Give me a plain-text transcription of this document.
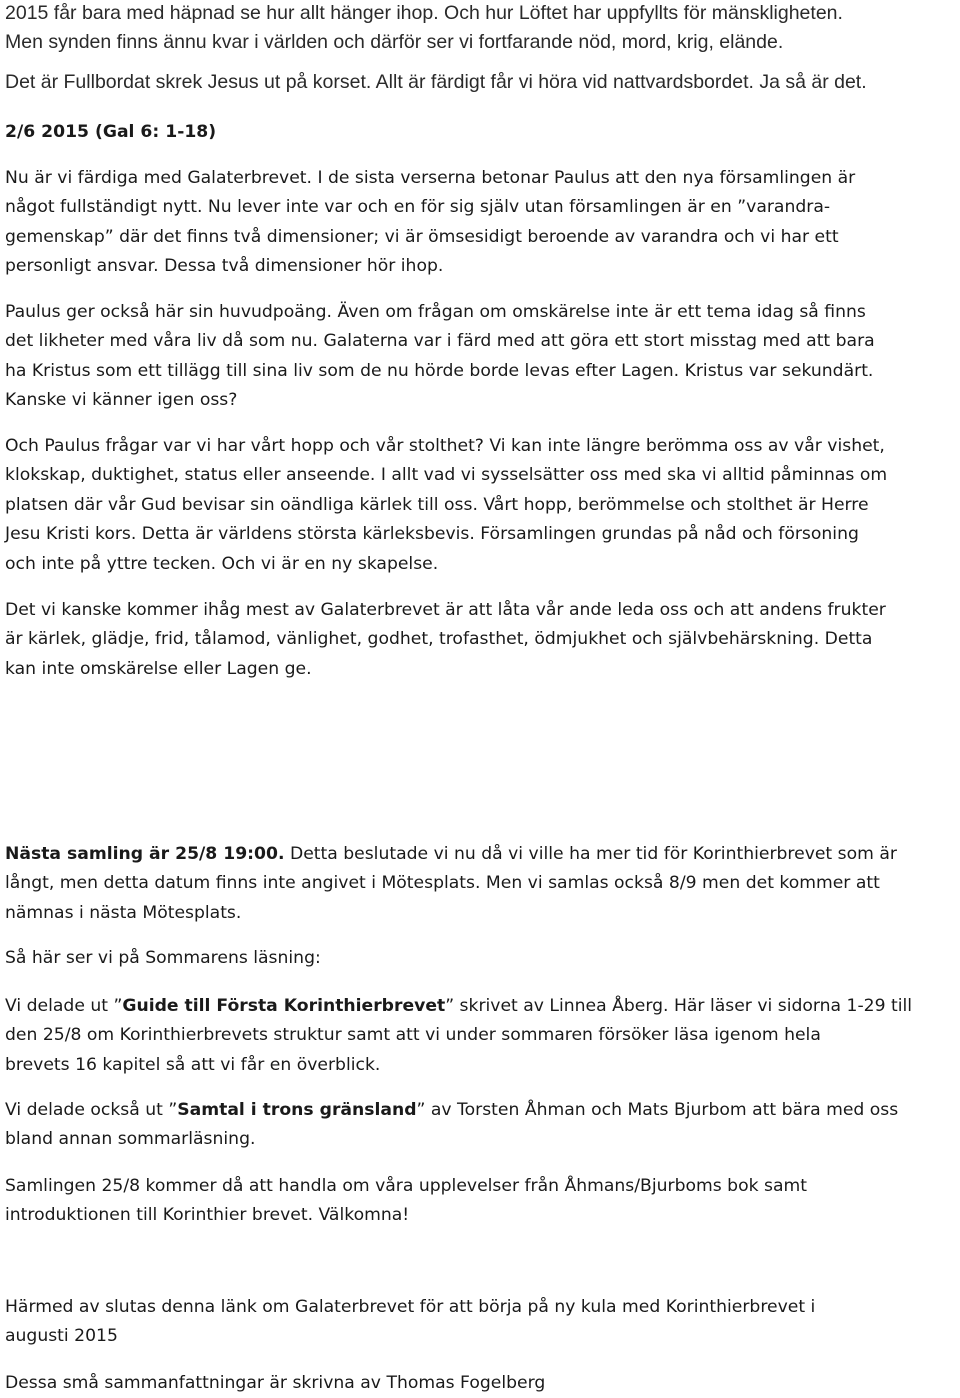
2015 får bara med häpnad se hur allt hänger ihop. Och hur Löftet har uppfyllts för mänskligheten.
Men synden finns ännu kvar i världen och därför ser vi fortfarande nöd, mord, krig, elände.

Det är Fullbordat skrek Jesus ut på korset. Allt är färdigt får vi höra vid nattvardsbordet. Ja så är det.

2/6 2015 (Gal 6: 1-18)

Nu är vi färdiga med Galaterbrevet. I de sista verserna betonar Paulus att den nya församlingen är
något fullständigt nytt. Nu lever inte var och en för sig själv utan församlingen är en ”varandra-
gemenskap” där det finns två dimensioner; vi är ömsesidigt beroende av varandra och vi har ett
personligt ansvar. Dessa två dimensioner hör ihop.

Paulus ger också här sin huvudpoäng. Även om frågan om omskärelse inte är ett tema idag så finns
det likheter med våra liv då som nu. Galaterna var i färd med att göra ett stort misstag med att bara
ha Kristus som ett tillägg till sina liv som de nu hörde borde levas efter Lagen. Kristus var sekundärt.
Kanske vi känner igen oss?

Och Paulus frågar var vi har vårt hopp och vår stolthet? Vi kan inte längre berömma oss av vår vishet,
klokskap, duktighet, status eller anseende. I allt vad vi sysselsätter oss med ska vi alltid påminnas om
platsen där vår Gud bevisar sin oändliga kärlek till oss. Vårt hopp, berömmelse och stolthet är Herre
Jesu Kristi kors. Detta är världens största kärleksbevis. Församlingen grundas på nåd och försoning
och inte på yttre tecken. Och vi är en ny skapelse.

Det vi kanske kommer ihåg mest av Galaterbrevet är att låta vår ande leda oss och att andens frukter
är kärlek, glädje, frid, tålamod, vänlighet, godhet, trofasthet, ödmjukhet och självbehärskning. Detta
kan inte omskärelse eller Lagen ge.

Nästa samling är 25/8 19:00. Detta beslutade vi nu då vi ville ha mer tid för Korinthierbrevet som är
långt, men detta datum finns inte angivet i Mötesplats. Men vi samlas också 8/9 men det kommer att
nämnas i nästa Mötesplats.

Så här ser vi på Sommarens läsning:

Vi delade ut ”Guide till Första Korinthierbrevet” skrivet av Linnea Åberg. Här läser vi sidorna 1-29 till
den 25/8 om Korinthierbrevets struktur samt att vi under sommaren försöker läsa igenom hela
brevets 16 kapitel så att vi får en överblick.

Vi delade också ut ”Samtal i trons gränsland” av Torsten Åhman och Mats Bjurbom att bära med oss
bland annan sommarläsning.

Samlingen 25/8 kommer då att handla om våra upplevelser från Åhmans/Bjurboms bok samt
introduktionen till Korinthier brevet. Välkomna!

Härmed av slutas denna länk om Galaterbrevet för att börja på ny kula med Korinthierbrevet i
augusti 2015

Dessa små sammanfattningar är skrivna av Thomas Fogelberg
